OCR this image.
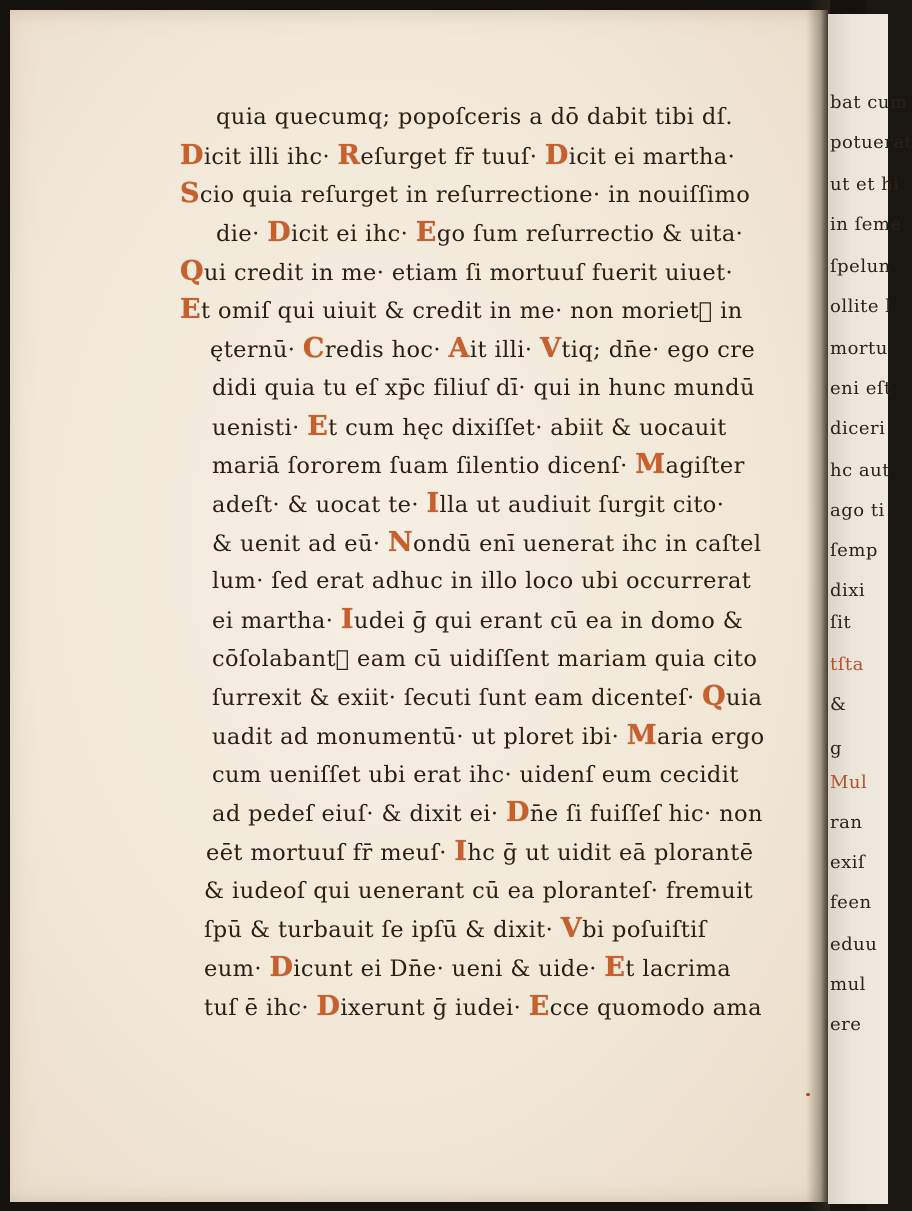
quia quecumq; popoſceris a dō dabit tibi dſ.
Dicit illi ihc· Reſurget fr̄ tuuſ· Dicit ei martha·
Scio quia reſurget in reſurrectione· in nouiſſimo
die· Dicit ei ihc· Ego ſum reſurrectio & uita·
Qui credit in me· etiam ſi mortuuſ fuerit uiuet·
Et omiſ qui uiuit & credit in me· non morietᷣ in
ęternū· Credis hoc· Ait illi· Vtiq; dn̄e· ego cre
didi quia tu eſ xp̄c filiuſ dī· qui in hunc mundū
uenisti· Et cum hęc dixiſſet· abiit & uocauit
mariā ſororem ſuam ſilentio dicenſ· Magiſter
adeſt· & uocat te· Illa ut audiuit ſurgit cito·
& uenit ad eū· Nondū enī uenerat ihc in caſtel
lum· ſed erat adhuc in illo loco ubi occurrerat
ei martha· Iudei ḡ qui erant cū ea in domo &
cōſolabantᷣ eam cū uidiſſent mariam quia cito
ſurrexit & exiit· ſecuti ſunt eam dicenteſ· Quia
uadit ad monumentū· ut ploret ibi· Maria ergo
cum ueniſſet ubi erat ihc· uidenſ eum cecidit
ad pedeſ eiuſ· & dixit ei· Dn̄e ſi fuiſſeſ hic· non
eēt mortuuſ fr̄ meuſ· Ihc ḡ ut uidit eā plorantē
& iudeoſ qui uenerant cū ea ploranteſ· fremuit
ſpū & turbauit ſe ipſū & dixit· Vbi poſuiſtiſ
eum· Dicunt ei Dn̄e· ueni & uide· Et lacrima
tuſ ē ihc· Dixerunt ḡ iudei· Ecce quomodo ama
bat cum
potuerat
ut et hi
in ſeme
ſpelun
ollite l
mortu
eni eſt
diceri
hc aut
ago ti
ſemp
dixi
ſit
tſta
&
g
Mul
ran
exiſ
feen
eduu
mul
ere
